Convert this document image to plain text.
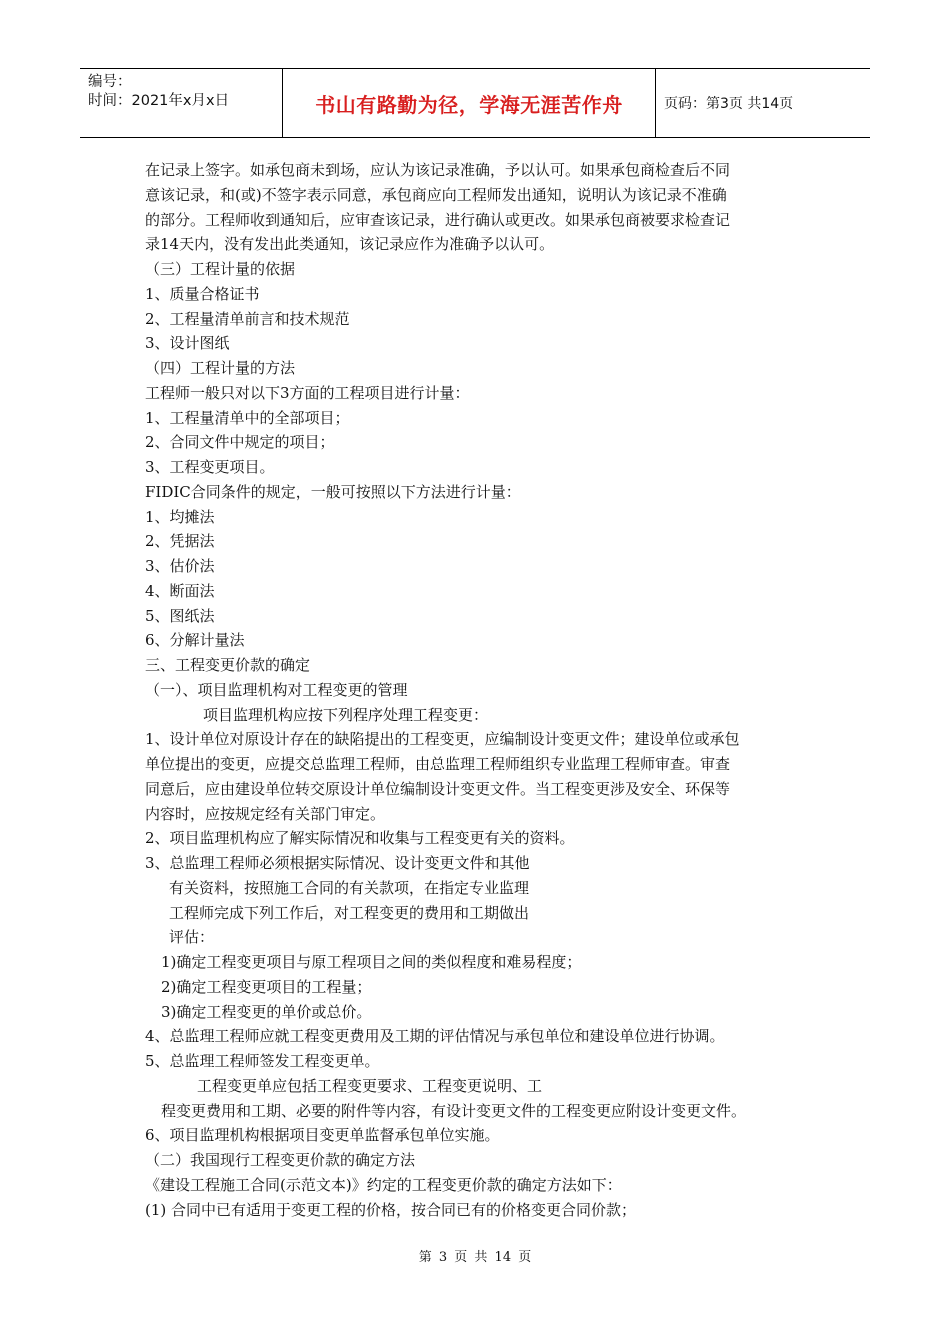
编号：
时间：2021年x月x日	书山有路勤为径，学海无涯苦作舟	页码：第3页 共14页
在记录上签字。如承包商未到场，应认为该记录准确，予以认可。如果承包商检查后不同
意该记录，和(或)不签字表示同意，承包商应向工程师发出通知，说明认为该记录不准确
的部分。工程师收到通知后，应审查该记录，进行确认或更改。如果承包商被要求检查记
录14天内，没有发出此类通知，该记录应作为准确予以认可。
（三）工程计量的依据
1、质量合格证书
2、工程量清单前言和技术规范
3、设计图纸
（四）工程计量的方法
工程师一般只对以下3方面的工程项目进行计量：
1、工程量清单中的全部项目；
2、合同文件中规定的项目；
3、工程变更项目。
FIDIC合同条件的规定，一般可按照以下方法进行计量：
1、均摊法
2、凭据法
3、估价法
4、断面法
5、图纸法
6、分解计量法
三、工程变更价款的确定
（一）、项目监理机构对工程变更的管理
项目监理机构应按下列程序处理工程变更：
1、设计单位对原设计存在的缺陷提出的工程变更，应编制设计变更文件；建设单位或承包
单位提出的变更，应提交总监理工程师，由总监理工程师组织专业监理工程师审查。审查
同意后，应由建设单位转交原设计单位编制设计变更文件。当工程变更涉及安全、环保等
内容时，应按规定经有关部门审定。
2、项目监理机构应了解实际情况和收集与工程变更有关的资料。
3、总监理工程师必须根据实际情况、设计变更文件和其他
有关资料，按照施工合同的有关款项，在指定专业监理
工程师完成下列工作后，对工程变更的费用和工期做出
评估：
1)确定工程变更项目与原工程项目之间的类似程度和难易程度；
2)确定工程变更项目的工程量；
3)确定工程变更的单价或总价。
4、总监理工程师应就工程变更费用及工期的评估情况与承包单位和建设单位进行协调。
5、总监理工程师签发工程变更单。
工程变更单应包括工程变更要求、工程变更说明、工
程变更费用和工期、必要的附件等内容，有设计变更文件的工程变更应附设计变更文件。
6、项目监理机构根据项目变更单监督承包单位实施。
（二）我国现行工程变更价款的确定方法
《建设工程施工合同(示范文本)》约定的工程变更价款的确定方法如下：
(1) 合同中已有适用于变更工程的价格，按合同已有的价格变更合同价款；
第 3 页 共 14 页
